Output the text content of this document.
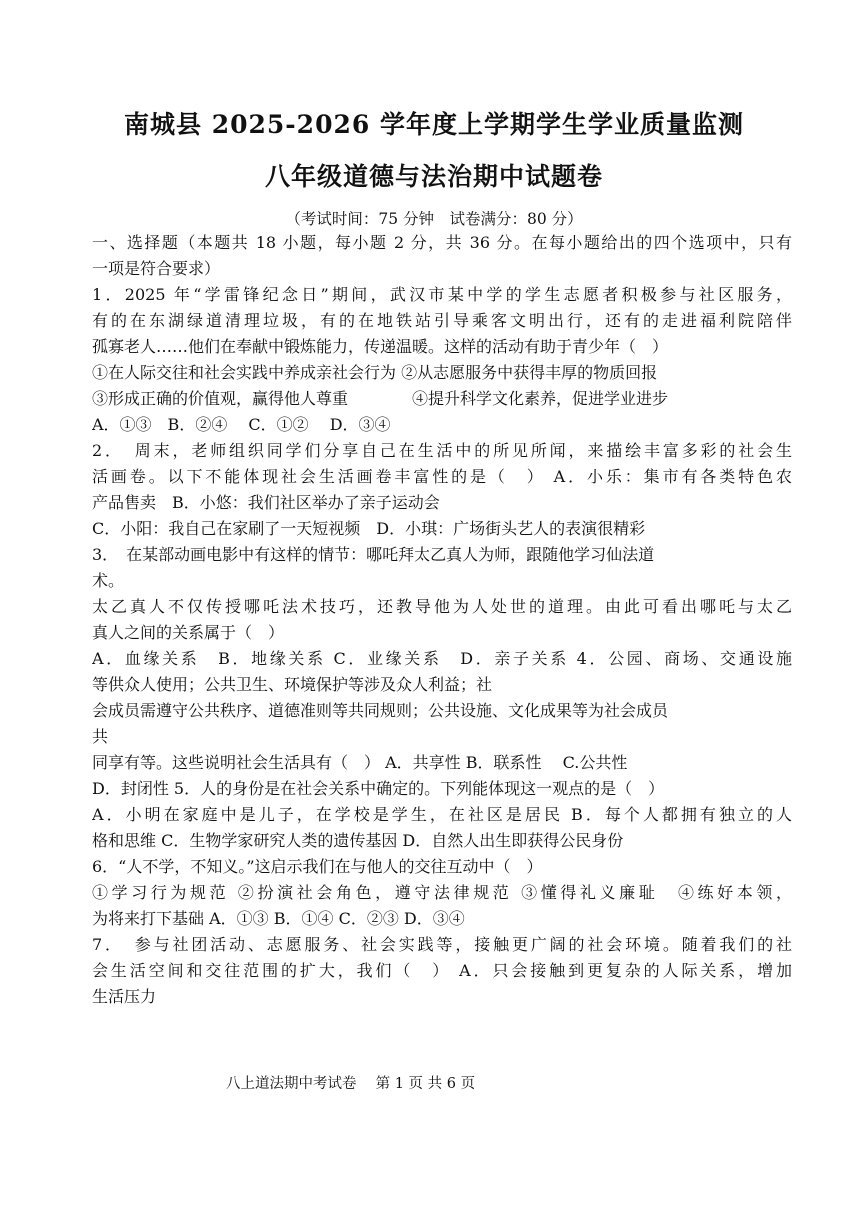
南城县 2025-2026 学年度上学期学生学业质量监测
八年级道德与法治期中试题卷
（考试时间：75 分钟　试卷满分：80 分）
一、选择题（本题共 18 小题，每小题 2 分，共 36 分。在每小题给出的四个选项中，只有
一项是符合要求）
1．2025 年“学雷锋纪念日”期间，武汉市某中学的学生志愿者积极参与社区服务，
有的在东湖绿道清理垃圾，有的在地铁站引导乘客文明出行，还有的走进福利院陪伴
孤寡老人……他们在奉献中锻炼能力，传递温暖。这样的活动有助于青少年（　）
①在人际交往和社会实践中养成亲社会行为 ②从志愿服务中获得丰厚的物质回报
③形成正确的价值观，赢得他人尊重　　　　④提升科学文化素养，促进学业进步
A．①③　B．②④　 C．①②　 D．③④
2．　周末，老师组织同学们分享自己在生活中的所见所闻，来描绘丰富多彩的社会生
活画卷。以下不能体现社会生活画卷丰富性的是（　） A．小乐：集市有各类特色农
产品售卖　B．小悠：我们社区举办了亲子运动会
C．小阳：我自己在家刷了一天短视频　D．小琪：广场街头艺人的表演很精彩
3．　在某部动画电影中有这样的情节：哪吒拜太乙真人为师，跟随他学习仙法道
术。
太乙真人不仅传授哪吒法术技巧，还教导他为人处世的道理。由此可看出哪吒与太乙
真人之间的关系属于（　）
A．血缘关系　B．地缘关系 C．业缘关系　D．亲子关系 4．公园、商场、交通设施
等供众人使用；公共卫生、环境保护等涉及众人利益；社
会成员需遵守公共秩序、道德准则等共同规则；公共设施、文化成果等为社会成员
共
同享有等。这些说明社会生活具有（　） A．共享性 B．联系性　 C.公共性
D．封闭性 5．人的身份是在社会关系中确定的。下列能体现这一观点的是（　）
A．小明在家庭中是儿子，在学校是学生，在社区是居民 B．每个人都拥有独立的人
格和思维 C．生物学家研究人类的遗传基因 D．自然人出生即获得公民身份
6．“人不学，不知义。”这启示我们在与他人的交往互动中（　）
①学习行为规范 ②扮演社会角色，遵守法律规范 ③懂得礼义廉耻　④练好本领，
为将来打下基础 A．①③ B．①④ C．②③ D．③④
7．　参与社团活动、志愿服务、社会实践等，接触更广阔的社会环境。随着我们的社
会生活空间和交往范围的扩大，我们（　） A．只会接触到更复杂的人际关系，增加
生活压力
八上道法期中考试卷　 第 1 页 共 6 页
